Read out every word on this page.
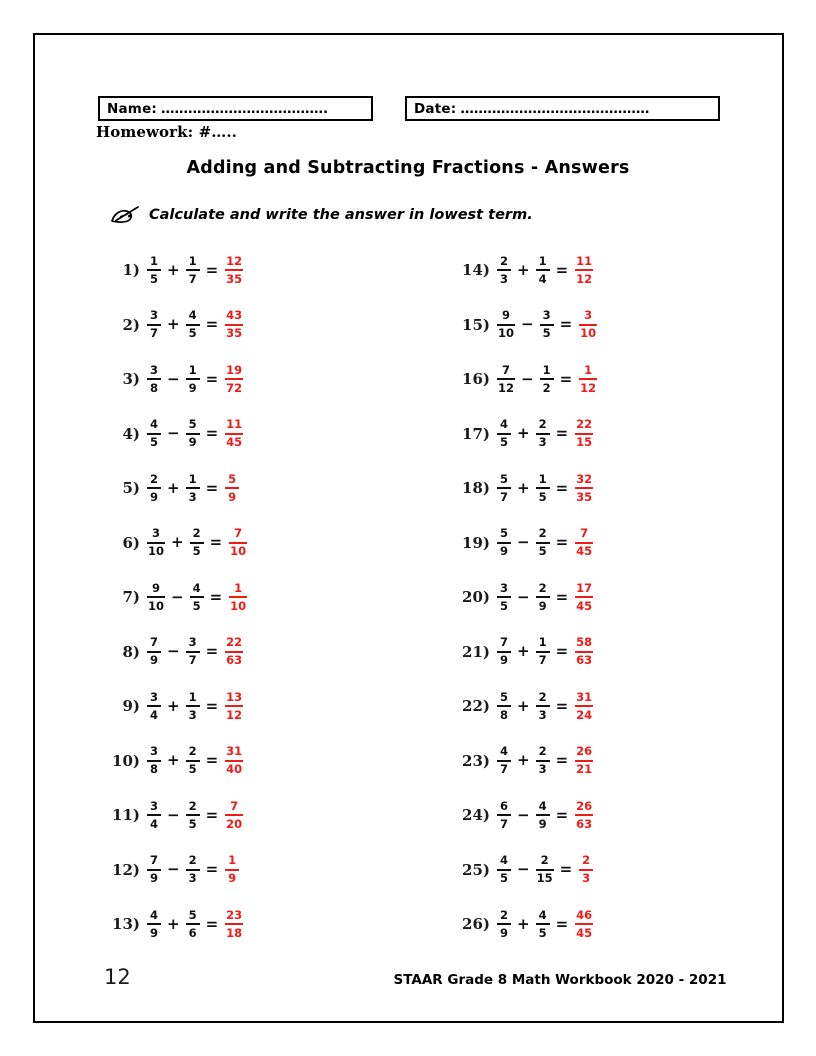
Name: ……………………………….	Date: ……………………………………
Homework: #…..
Adding and Subtracting Fractions - Answers
Calculate and write the answer in lowest term.
$1) \frac{1}{5} + \frac{1}{7} = \frac{12}{35}$
$2) \frac{3}{7} + \frac{4}{5} = \frac{43}{35}$
$3) \frac{3}{8} - \frac{1}{9} = \frac{19}{72}$
$4) \frac{4}{5} - \frac{5}{9} = \frac{11}{45}$
$5) \frac{2}{9} + \frac{1}{3} = \frac{5}{9}$
$6) \frac{3}{10} + \frac{2}{5} = \frac{7}{10}$
$7) \frac{9}{10} - \frac{4}{5} = \frac{1}{10}$
$8) \frac{7}{9} - \frac{3}{7} = \frac{22}{63}$
$9) \frac{3}{4} + \frac{1}{3} = \frac{13}{12}$
$10) \frac{3}{8} + \frac{2}{5} = \frac{31}{40}$
$11) \frac{3}{4} - \frac{2}{5} = \frac{7}{20}$
$12) \frac{7}{9} - \frac{2}{3} = \frac{1}{9}$
$13) \frac{4}{9} + \frac{5}{6} = \frac{23}{18}$
$14) \frac{2}{3} + \frac{1}{4} = \frac{11}{12}$
$15) \frac{9}{10} - \frac{3}{5} = \frac{3}{10}$
$16) \frac{7}{12} - \frac{1}{2} = \frac{1}{12}$
$17) \frac{4}{5} + \frac{2}{3} = \frac{22}{15}$
$18) \frac{5}{7} + \frac{1}{5} = \frac{32}{35}$
$19) \frac{5}{9} - \frac{2}{5} = \frac{7}{45}$
$20) \frac{3}{5} - \frac{2}{9} = \frac{17}{45}$
$21) \frac{7}{9} + \frac{1}{7} = \frac{58}{63}$
$22) \frac{5}{8} + \frac{2}{3} = \frac{31}{24}$
$23) \frac{4}{7} + \frac{2}{3} = \frac{26}{21}$
$24) \frac{6}{7} - \frac{4}{9} = \frac{26}{63}$
$25) \frac{4}{5} - \frac{2}{15} = \frac{2}{3}$
$26) \frac{2}{9} + \frac{4}{5} = \frac{46}{45}$
12	STAAR Grade 8 Math Workbook 2020 - 2021
